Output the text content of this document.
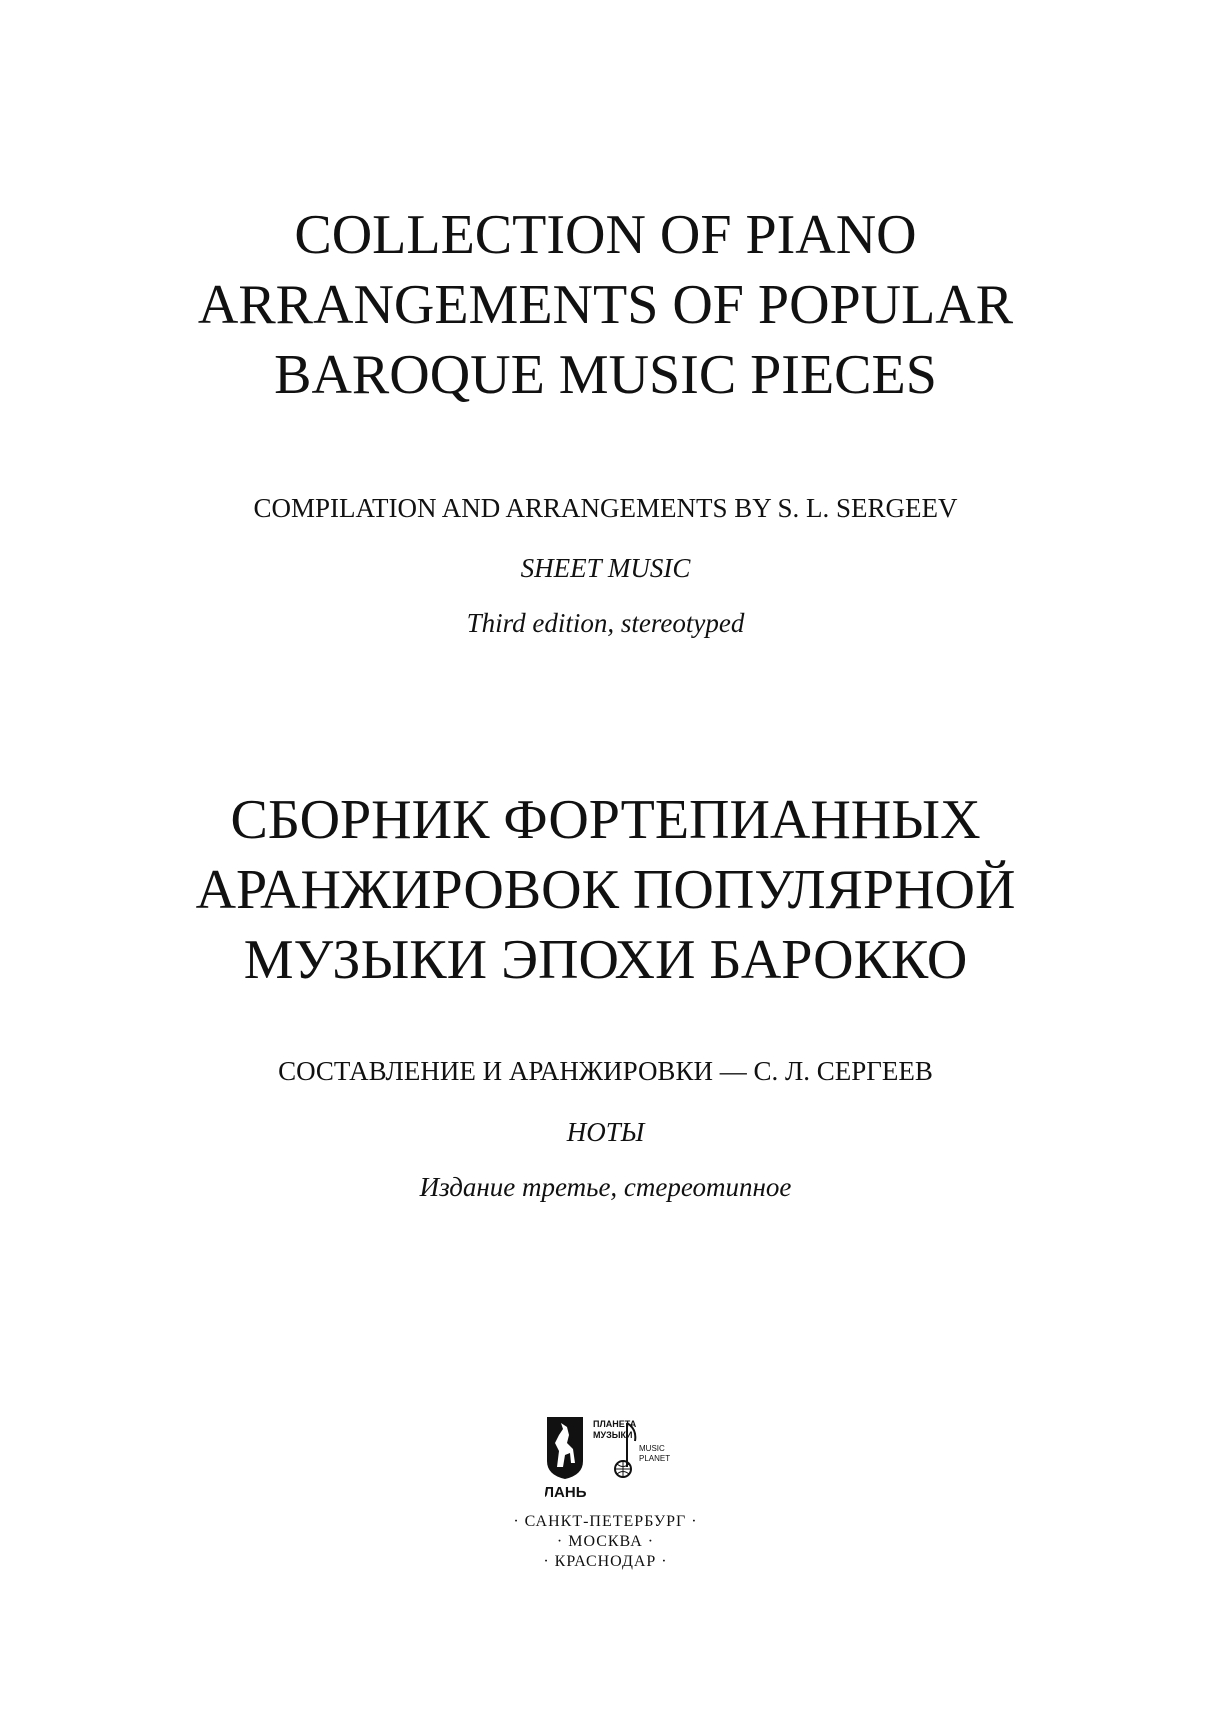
COLLECTION OF PIANO
ARRANGEMENTS OF POPULAR
BAROQUE MUSIC PIECES
COMPILATION AND ARRANGEMENTS BY S. L. SERGEEV
SHEET MUSIC
Third edition, stereotyped
СБОРНИК ФОРТЕПИАННЫХ
АРАНЖИРОВОК ПОПУЛЯРНОЙ
МУЗЫКИ ЭПОХИ БАРОККО
СОСТАВЛЕНИЕ И АРАНЖИРОВКИ — С. Л. СЕРГЕЕВ
НОТЫ
Издание третье, стереотипное
ЛАНЬ
ПЛАНЕТА
МУЗЫКИ
MUSIC
PLANET
· САНКТ-ПЕТЕРБУРГ ·
· МОСКВА ·
· КРАСНОДАР ·
